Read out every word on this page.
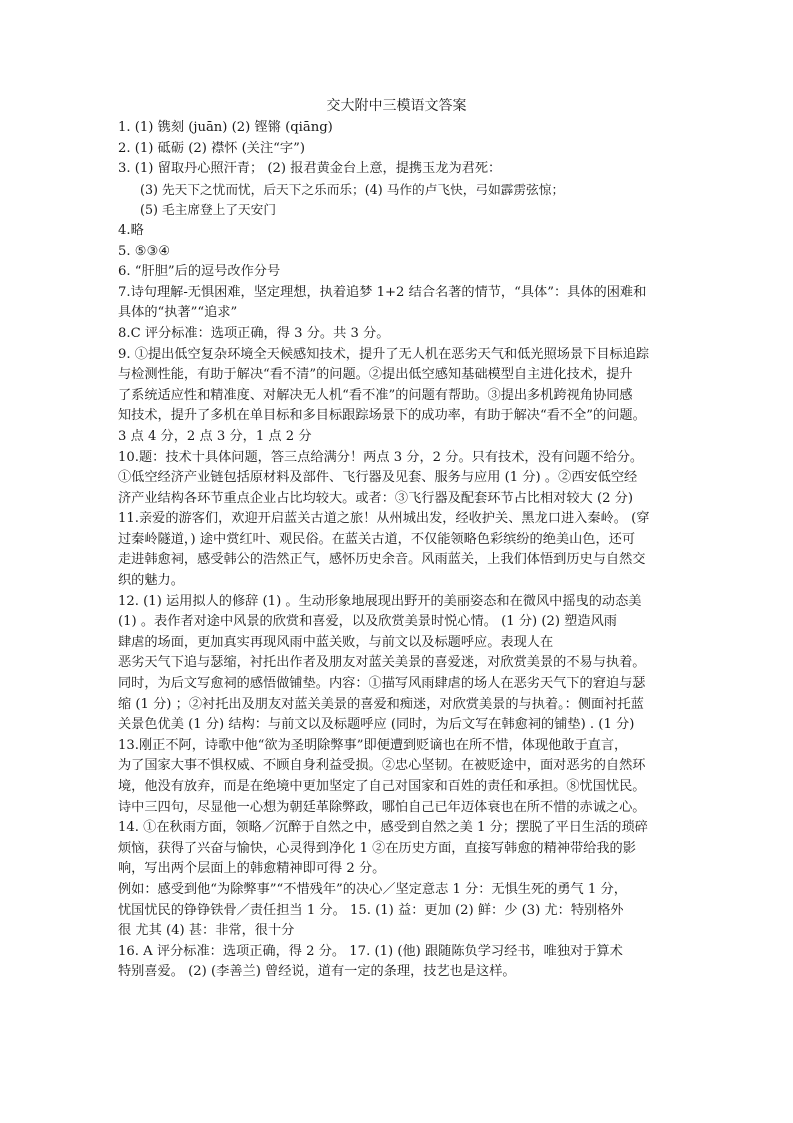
交大附中三模语文答案
1. (1) 镌刻 (juān) (2) 铿锵 (qiāng)
2. (1) 砥砺 (2) 襟怀 (关注“字”)
3. (1) 留取丹心照汗青； (2) 报君黄金台上意，提携玉龙为君死：
(3) 先天下之忧而忧，后天下之乐而乐；(4) 马作的卢飞快，弓如霹雳弦惊；
(5) 毛主席登上了天安门
4.略
5. ⑤③④
6. “肝胆”后的逗号改作分号
7.诗句理解-无惧困难，坚定理想，执着追梦 1+2 结合名著的情节，“具体”：具体的困难和
具体的“执著”“追求”
8.C 评分标准：选项正确，得 3 分。共 3 分。
9. ①提出低空复杂环境全天候感知技术，提升了无人机在恶劣天气和低光照场景下目标追踪
与检测性能，有助于解决“看不清”的问题。②提出低空感知基础模型自主进化技术，提升
了系统适应性和精准度、对解决无人机“看不准”的问题有帮助。③提出多机跨视角协同感
知技术，提升了多机在单目标和多目标跟踪场景下的成功率，有助于解决“看不全”的问题。
3 点 4 分，2 点 3 分，1 点 2 分
10.题：技术十具体问题，答三点给满分！两点 3 分，2 分。只有技术，没有问题不给分。
①低空经济产业链包括原材料及部件、飞行器及见套、服务与应用 (1 分) 。②西安低空经
济产业结构各环节重点企业占比均较大。或者：③飞行器及配套环节占比相对较大 (2 分)
11.亲爱的游客们，欢迎开启蓝关古道之旅！从州城出发，经收护关、黑龙口进入秦岭。 (穿
过秦岭隧道，) 途中赏红叶、观民俗。在蓝关古道，不仅能领略色彩缤纷的绝美山色，还可
走进韩愈祠，感受韩公的浩然正气，感怀历史余音。风雨蓝关，上我们体悟到历史与自然交
织的魅力。
12. (1) 运用拟人的修辞 (1) 。生动形象地展现出野开的美丽姿态和在微风中摇曳的动态美
(1) 。表作者对途中风景的欣赏和喜爱，以及欣赏美景时悦心情。 (1 分) (2) 塑造风雨
肆虐的场面，更加真实再现风雨中蓝关败，与前文以及标题呼应。表现人在
恶劣天气下追与瑟缩，衬托出作者及朋友对蓝关美景的喜爱迷，对欣赏美景的不易与执着。
同时，为后文写愈祠的感悟做铺垫。内容：①描写风雨肆虐的场人在恶劣天气下的窘迫与瑟
缩 (1 分) ；②衬托出及朋友对蓝关美景的喜爱和痴迷，对欣赏美景的与执着。：侧面衬托蓝
关景色优美 (1 分) 结构：与前文以及标题呼应 (同时，为后文写在韩愈祠的铺垫) . (1 分)
13.刚正不阿，诗歌中他“欲为圣明除弊事”即便遭到贬谪也在所不惜，体现他敢于直言，
为了国家大事不惧权威、不顾自身利益受损。②忠心坚韧。在被贬途中，面对恶劣的自然环
境，他没有放弃，而是在绝境中更加坚定了自己对国家和百姓的责任和承担。⑧忧国忧民。
诗中三四句，尽显他一心想为朝廷革除弊政，哪怕自己已年迈体衰也在所不惜的赤诚之心。
14. ①在秋雨方面，领略／沉醉于自然之中，感受到自然之美 1 分；摆脱了平日生活的琐碎
烦恼，获得了兴奋与愉快，心灵得到净化 1 ②在历史方面，直接写韩愈的精神带给我的影
响，写出两个层面上的韩愈精神即可得 2 分。
例如：感受到他“为除弊事”“不惜残年”的决心／坚定意志 1 分：无惧生死的勇气 1 分，
忧国忧民的铮铮铁骨／责任担当 1 分。 15. (1) 益：更加 (2) 鲜：少 (3) 尤：特别格外
很 尤其 (4) 甚：非常，很十分
16. A 评分标准：选项正确，得 2 分。 17. (1) (他) 跟随陈负学习经书，唯独对于算术
特别喜爱。 (2) (李善兰) 曾经说，道有一定的条理，技艺也是这样。
